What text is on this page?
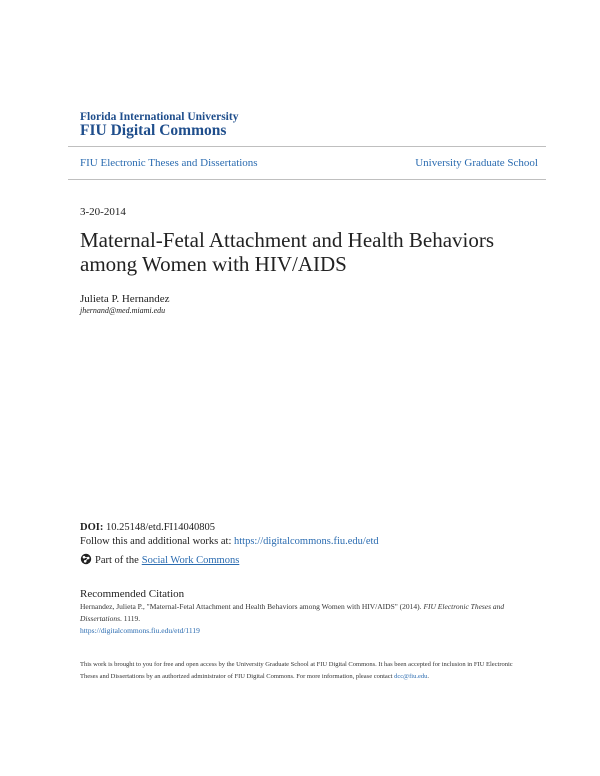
Florida International University
FIU Digital Commons
FIU Electronic Theses and Dissertations	University Graduate School
3-20-2014
Maternal-Fetal Attachment and Health Behaviors among Women with HIV/AIDS
Julieta P. Hernandez
jhernand@med.miami.edu
DOI: 10.25148/etd.FI14040805
Follow this and additional works at: https://digitalcommons.fiu.edu/etd
Part of the Social Work Commons
Recommended Citation
Hernandez, Julieta P., "Maternal-Fetal Attachment and Health Behaviors among Women with HIV/AIDS" (2014). FIU Electronic Theses and Dissertations. 1119.
https://digitalcommons.fiu.edu/etd/1119
This work is brought to you for free and open access by the University Graduate School at FIU Digital Commons. It has been accepted for inclusion in FIU Electronic Theses and Dissertations by an authorized administrator of FIU Digital Commons. For more information, please contact dcc@fiu.edu.
